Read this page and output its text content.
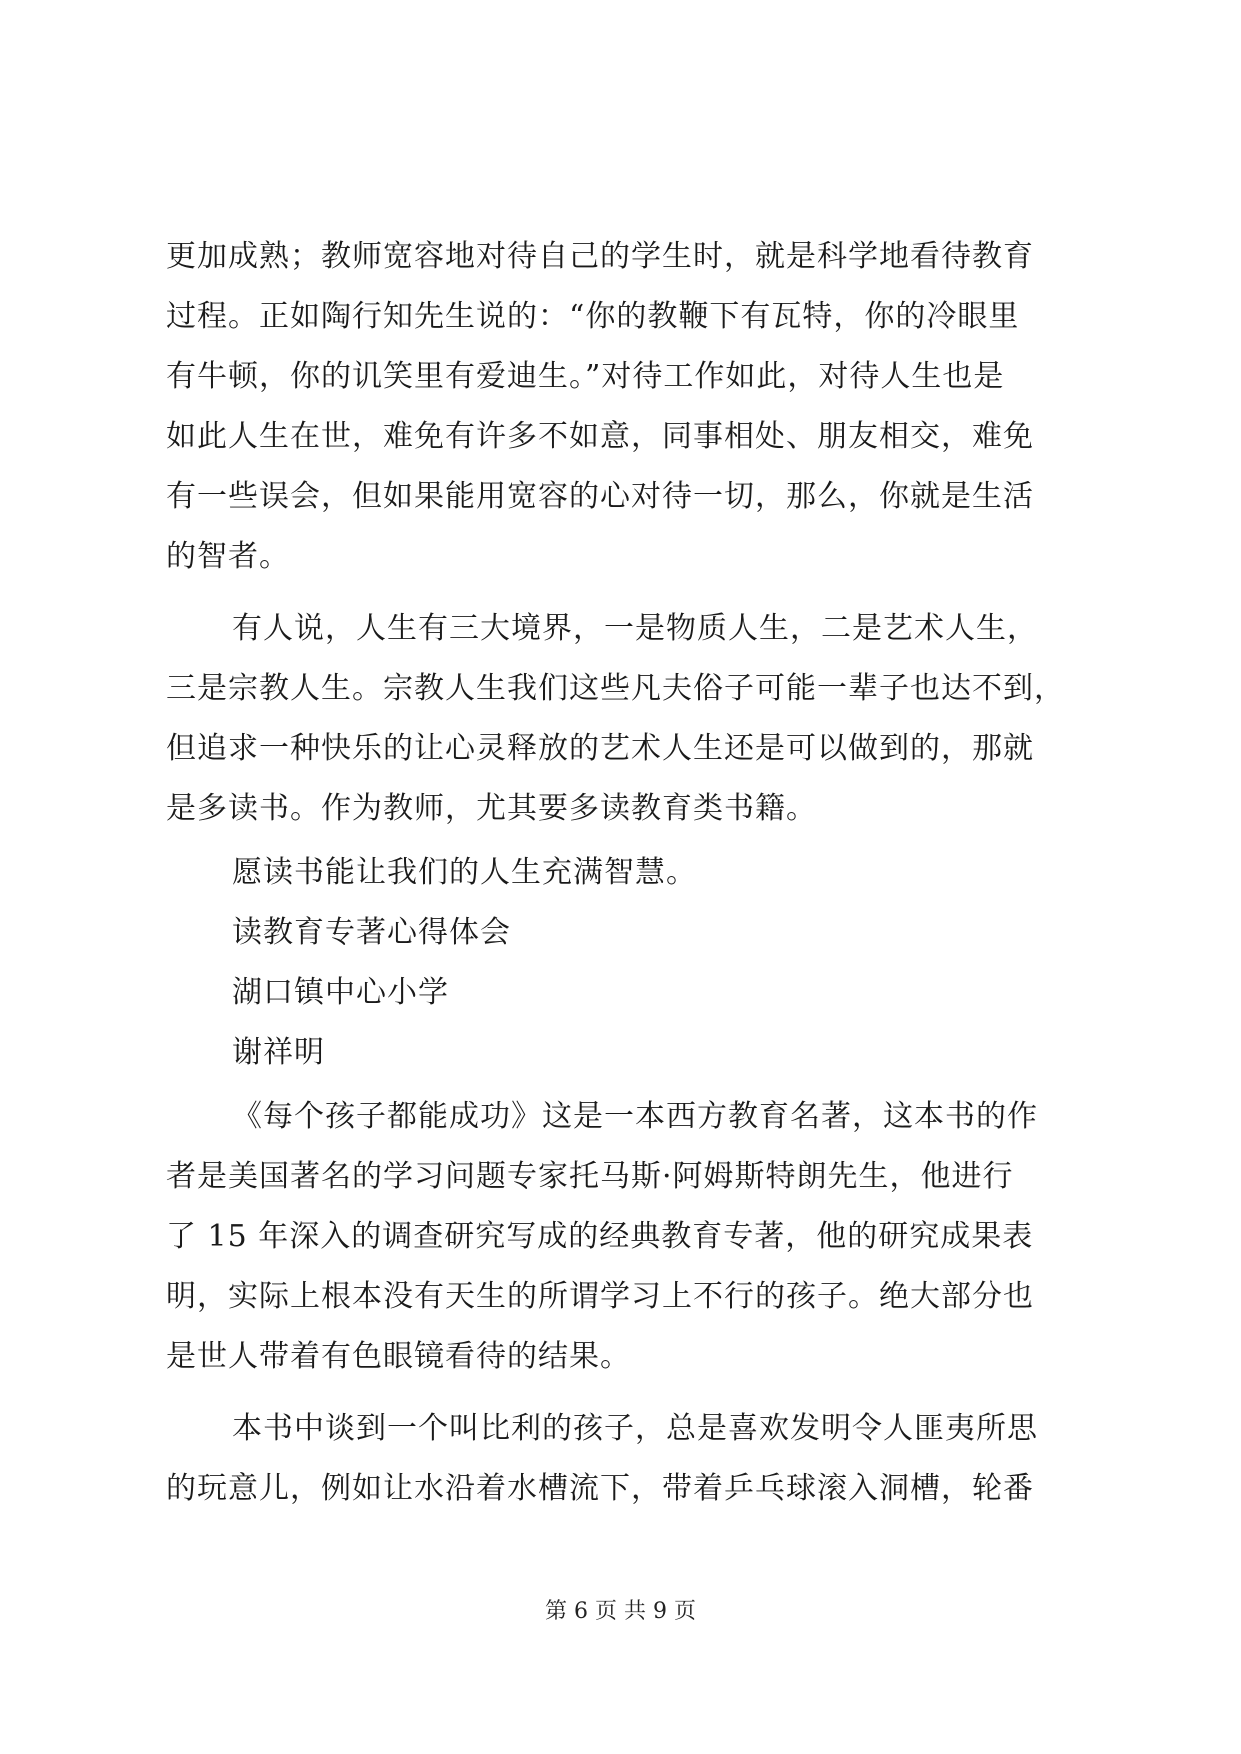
更加成熟；教师宽容地对待自己的学生时，就是科学地看待教育
过程。正如陶行知先生说的：“你的教鞭下有瓦特，你的冷眼里
有牛顿，你的讥笑里有爱迪生。”对待工作如此，对待人生也是
如此人生在世，难免有许多不如意，同事相处、朋友相交，难免
有一些误会，但如果能用宽容的心对待一切，那么，你就是生活
的智者。
有人说，人生有三大境界，一是物质人生，二是艺术人生，
三是宗教人生。宗教人生我们这些凡夫俗子可能一辈子也达不到，
但追求一种快乐的让心灵释放的艺术人生还是可以做到的，那就
是多读书。作为教师，尤其要多读教育类书籍。
愿读书能让我们的人生充满智慧。
读教育专著心得体会
湖口镇中心小学
谢祥明
《每个孩子都能成功》这是一本西方教育名著，这本书的作
者是美国著名的学习问题专家托马斯·阿姆斯特朗先生，他进行
了 15 年深入的调查研究写成的经典教育专著，他的研究成果表
明，实际上根本没有天生的所谓学习上不行的孩子。绝大部分也
是世人带着有色眼镜看待的结果。
本书中谈到一个叫比利的孩子，总是喜欢发明令人匪夷所思
的玩意儿，例如让水沿着水槽流下，带着乒乓球滚入洞槽，轮番
第 6 页 共 9 页
